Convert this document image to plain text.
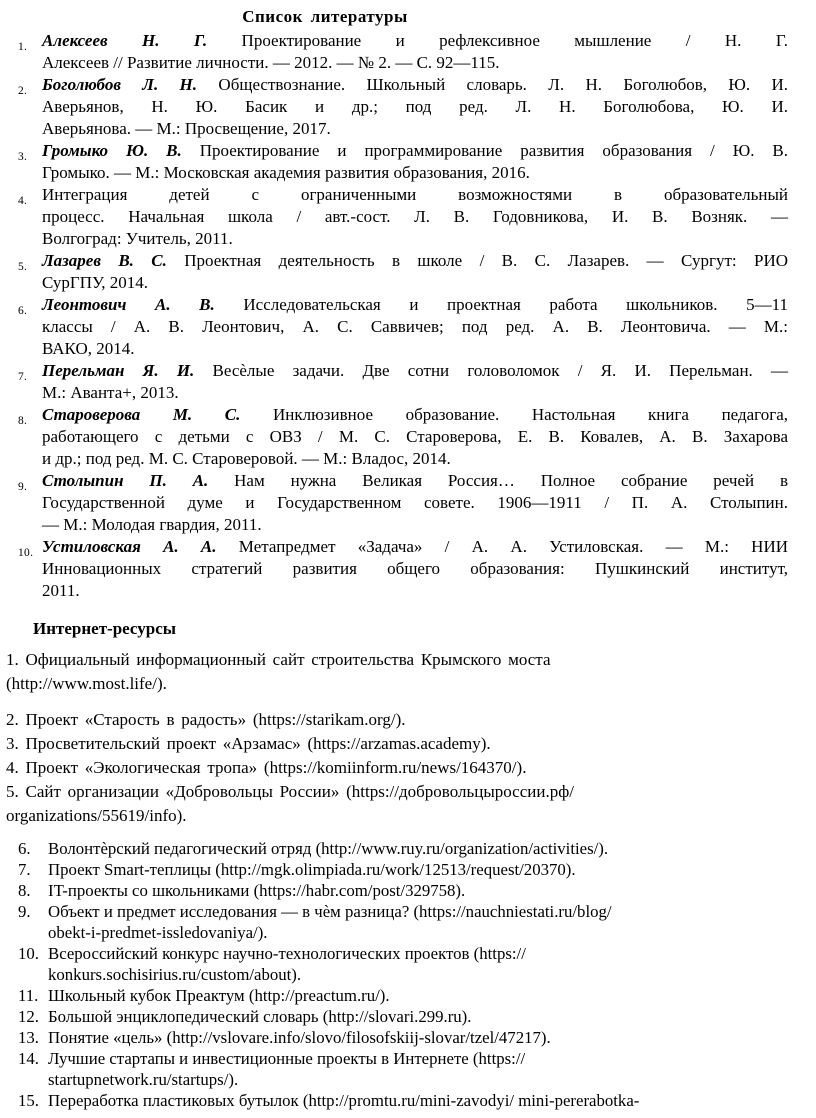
Список литературы
1. Алексеев Н. Г. Проектирование и рефлексивное мышление / Н. Г.
Алексеев // Развитие личности. — 2012. — № 2. — С. 92—115.
2. Боголюбов Л. Н. Обществознание. Школьный словарь. Л. Н. Боголюбов, Ю. И.
Аверьянов, Н. Ю. Басик и др.; под ред. Л. Н. Боголюбова, Ю. И.
Аверьянова. — М.: Просвещение, 2017.
3. Громыко Ю. В. Проектирование и программирование развития образования / Ю. В.
Громыко. — М.: Московская академия развития образования, 2016.
4. Интеграция детей с ограниченными возможностями в образовательный
процесс. Начальная школа / авт.-сост. Л. В. Годовникова, И. В. Возняк. —
Волгоград: Учитель, 2011.
5. Лазарев В. С. Проектная деятельность в школе / В. С. Лазарев. — Сургут: РИО
СурГПУ, 2014.
6. Леонтович А. В. Исследовательская и проектная работа школьников. 5—11
классы / А. В. Леонтович, А. С. Саввичев; под ред. А. В. Леонтовича. — М.:
ВАКО, 2014.
7. Перельман Я. И. Весѐлые задачи. Две сотни головоломок / Я. И. Перельман. —
М.: Аванта+, 2013.
8. Староверова М. С. Инклюзивное образование. Настольная книга педагога,
работающего с детьми с ОВЗ / М. С. Староверова, Е. В. Ковалев, А. В. Захарова
и др.; под ред. М. С. Староверовой. — М.: Владос, 2014.
9. Столыпин П. А. Нам нужна Великая Россия… Полное собрание речей в
Государственной думе и Государственном совете. 1906—1911 / П. А. Столыпин.
— М.: Молодая гвардия, 2011.
10. Устиловская А. А. Метапредмет «Задача» / А. А. Устиловская. — М.: НИИ
Инновационных стратегий развития общего образования: Пушкинский институт,
2011.
Интернет-ресурсы

1. Официальный информационный сайт строительства Крымского моста
(http://www.most.life/).

2. Проект «Старость в радость» (https://starikam.org/).

3. Просветительский проект «Арзамас» (https://arzamas.academy).

4. Проект «Экологическая тропа» (https://komiinform.ru/news/164370/).

5. Сайт организации «Добровольцы России» (https://добровольцыроссии.рф/
organizations/55619/info).

6. Волонтѐрский педагогический отряд (http://www.ruy.ru/organization/activities/).
7. Проект Smart-теплицы (http://mgk.olimpiada.ru/work/12513/request/20370).
8. IT-проекты со школьниками (https://habr.com/post/329758).
9. Объект и предмет исследования — в чѐм разница? (https://nauchniestati.ru/blog/
obekt-i-predmet-issledovaniya/).
10. Всероссийский конкурс научно-технологических проектов (https://
konkurs.sochisirius.ru/custom/about).
11. Школьный кубок Преактум (http://preactum.ru/).
12. Большой энциклопедический словарь (http://slovari.299.ru).
13. Понятие «цель» (http://vslovare.info/slovo/filosofskiij-slovar/tzel/47217).
14. Лучшие стартапы и инвестиционные проекты в Интернете (https://
startupnetwork.ru/startups/).
15. Переработка пластиковых бутылок (http://promtu.ru/mini-zavodyi/ mini-pererabotka-
